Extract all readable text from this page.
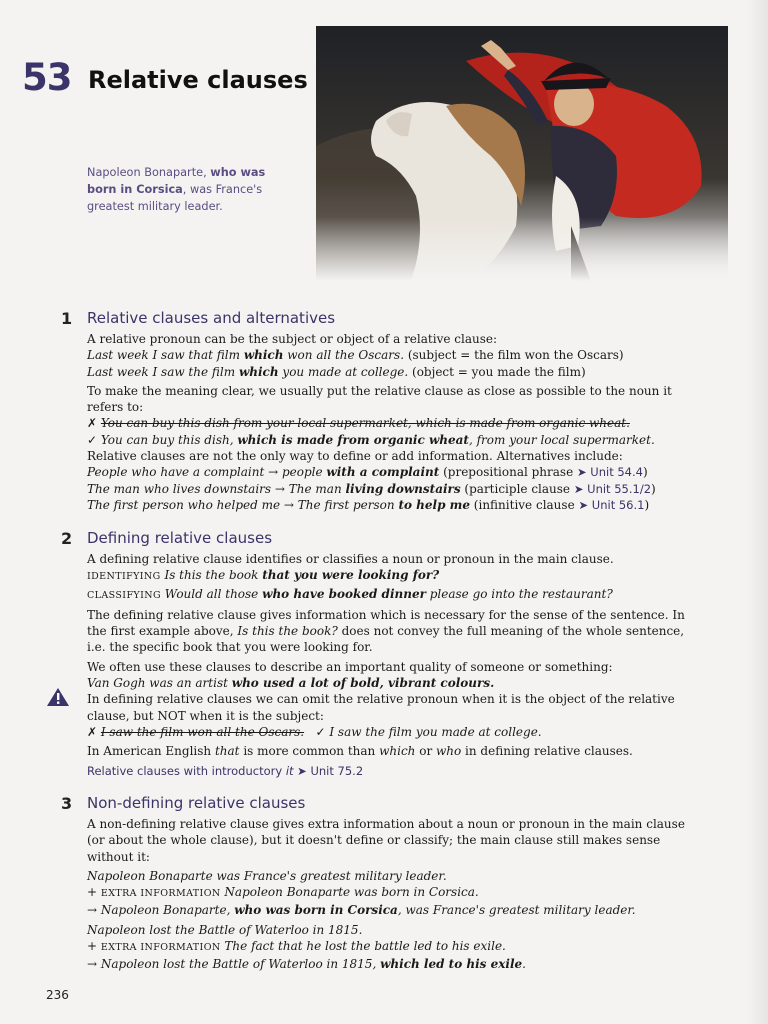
53 Relative clauses
Napoleon Bonaparte, who was born in Corsica, was France's greatest military leader.
1 Relative clauses and alternatives

A relative pronoun can be the subject or object of a relative clause:

Last week I saw that film which won all the Oscars. (subject = the film won the Oscars)

Last week I saw the film which you made at college. (object = you made the film)

To make the meaning clear, we usually put the relative clause as close as possible to the noun it refers to:

✗ You can buy this dish from your local supermarket, which is made from organic wheat.

✓ You can buy this dish, which is made from organic wheat, from your local supermarket.

Relative clauses are not the only way to define or add information. Alternatives include:

People who have a complaint → people with a complaint (prepositional phrase ➤ Unit 54.4)

The man who lives downstairs → The man living downstairs (participle clause ➤ Unit 55.1/2)

The first person who helped me → The first person to help me (infinitive clause ➤ Unit 56.1)

2 Defining relative clauses

A defining relative clause identifies or classifies a noun or pronoun in the main clause.

IDENTIFYING Is this the book that you were looking for?

CLASSIFYING Would all those who have booked dinner please go into the restaurant?

The defining relative clause gives information which is necessary for the sense of the sentence. In the first example above, Is this the book? does not convey the full meaning of the whole sentence, i.e. the specific book that you were looking for.

We often use these clauses to describe an important quality of someone or something:

Van Gogh was an artist who used a lot of bold, vibrant colours.

In defining relative clauses we can omit the relative pronoun when it is the object of the relative clause, but NOT when it is the subject:

✗ I saw the film won all the Oscars.   ✓ I saw the film you made at college.

In American English that is more common than which or who in defining relative clauses.

Relative clauses with introductory it ➤ Unit 75.2

3 Non-defining relative clauses

A non-defining relative clause gives extra information about a noun or pronoun in the main clause (or about the whole clause), but it doesn't define or classify; the main clause still makes sense without it:

Napoleon Bonaparte was France's greatest military leader.

+ EXTRA INFORMATION Napoleon Bonaparte was born in Corsica.

→ Napoleon Bonaparte, who was born in Corsica, was France's greatest military leader.

Napoleon lost the Battle of Waterloo in 1815.

+ EXTRA INFORMATION The fact that he lost the battle led to his exile.

→ Napoleon lost the Battle of Waterloo in 1815, which led to his exile.

236
